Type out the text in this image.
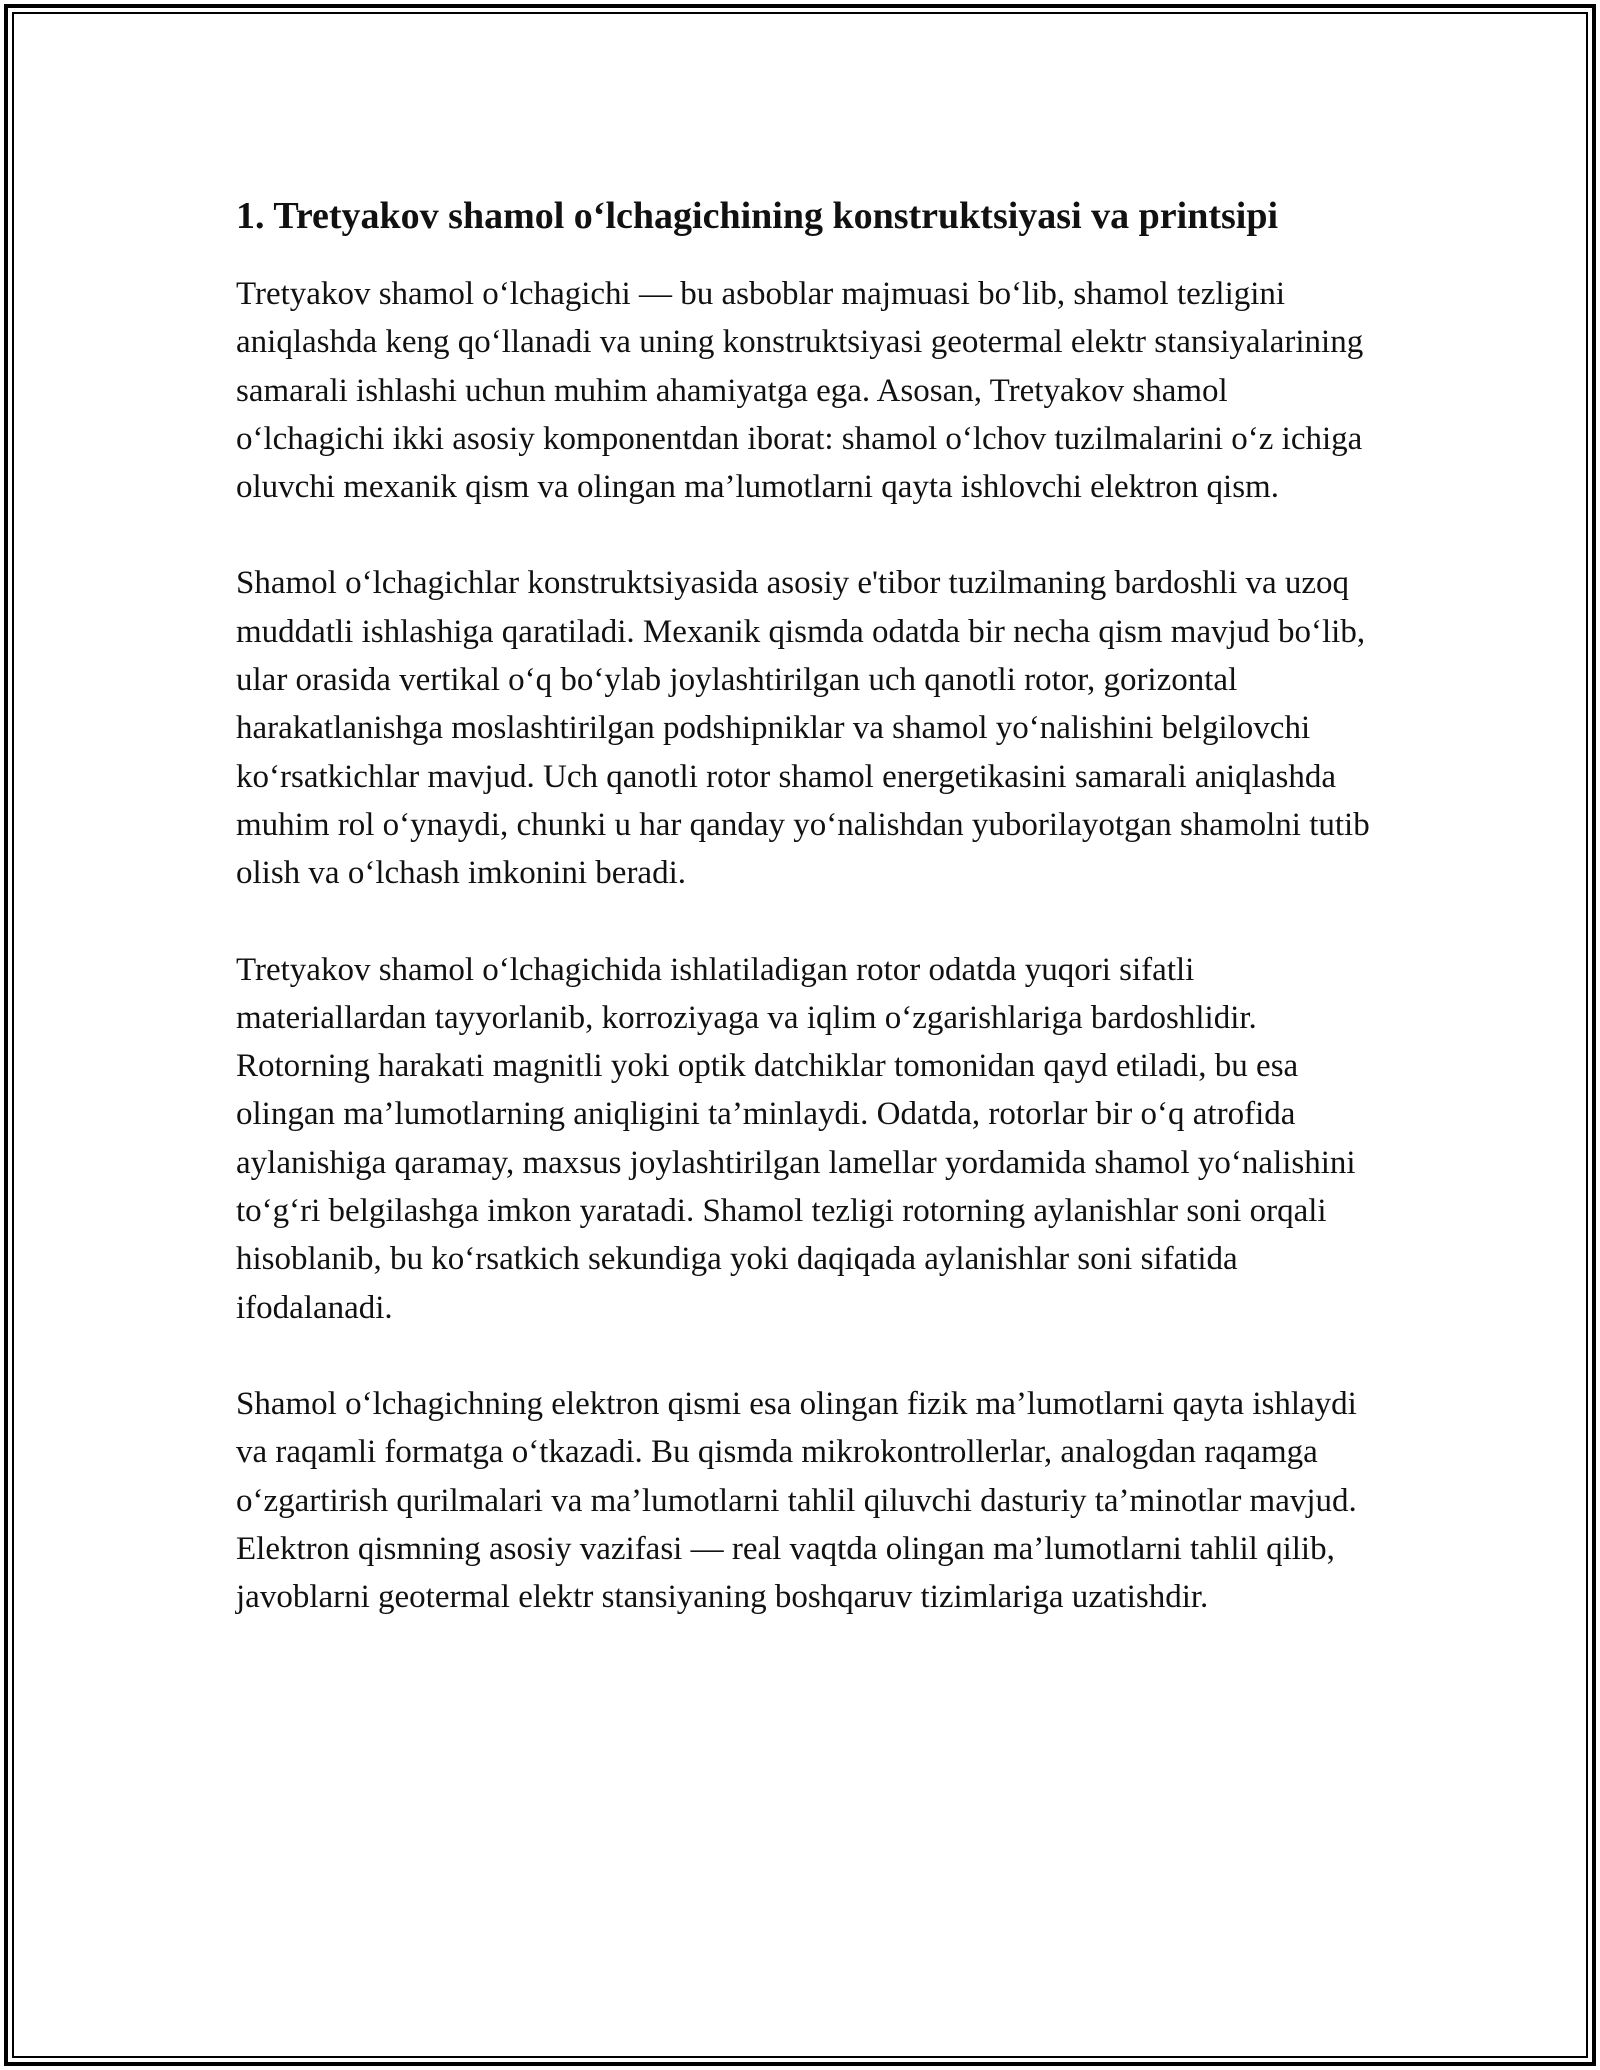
1. Tretyakov shamol o‘lchagichining konstruktsiyasi va printsipi

Tretyakov shamol o‘lchagichi — bu asboblar majmuasi bo‘lib, shamol tezligini aniqlashda keng qo‘llanadi va uning konstruktsiyasi geotermal elektr stansiyalarining samarali ishlashi uchun muhim ahamiyatga ega. Asosan, Tretyakov shamol o‘lchagichi ikki asosiy komponentdan iborat: shamol o‘lchov tuzilmalarini o‘z ichiga oluvchi mexanik qism va olingan ma’lumotlarni qayta ishlovchi elektron qism.

Shamol o‘lchagichlar konstruktsiyasida asosiy e'tibor tuzilmaning bardoshli va uzoq muddatli ishlashiga qaratiladi. Mexanik qismda odatda bir necha qism mavjud bo‘lib, ular orasida vertikal o‘q bo‘ylab joylashtirilgan uch qanotli rotor, gorizontal harakatlanishga moslashtirilgan podshipniklar va shamol yo‘nalishini belgilovchi ko‘rsatkichlar mavjud. Uch qanotli rotor shamol energetikasini samarali aniqlashda muhim rol o‘ynaydi, chunki u har qanday yo‘nalishdan yuborilayotgan shamolni tutib olish va o‘lchash imkonini beradi.

Tretyakov shamol o‘lchagichida ishlatiladigan rotor odatda yuqori sifatli materiallardan tayyorlanib, korroziyaga va iqlim o‘zgarishlariga bardoshlidir. Rotorning harakati magnitli yoki optik datchiklar tomonidan qayd etiladi, bu esa olingan ma’lumotlarning aniqligini ta’minlaydi. Odatda, rotorlar bir o‘q atrofida aylanishiga qaramay, maxsus joylashtirilgan lamellar yordamida shamol yo‘nalishini to‘g‘ri belgilashga imkon yaratadi. Shamol tezligi rotorning aylanishlar soni orqali hisoblanib, bu ko‘rsatkich sekundiga yoki daqiqada aylanishlar soni sifatida ifodalanadi.

Shamol o‘lchagichning elektron qismi esa olingan fizik ma’lumotlarni qayta ishlaydi va raqamli formatga o‘tkazadi. Bu qismda mikrokontrollerlar, analogdan raqamga o‘zgartirish qurilmalari va ma’lumotlarni tahlil qiluvchi dasturiy ta’minotlar mavjud. Elektron qismning asosiy vazifasi — real vaqtda olingan ma’lumotlarni tahlil qilib, javoblarni geotermal elektr stansiyaning boshqaruv tizimlariga uzatishdir.
